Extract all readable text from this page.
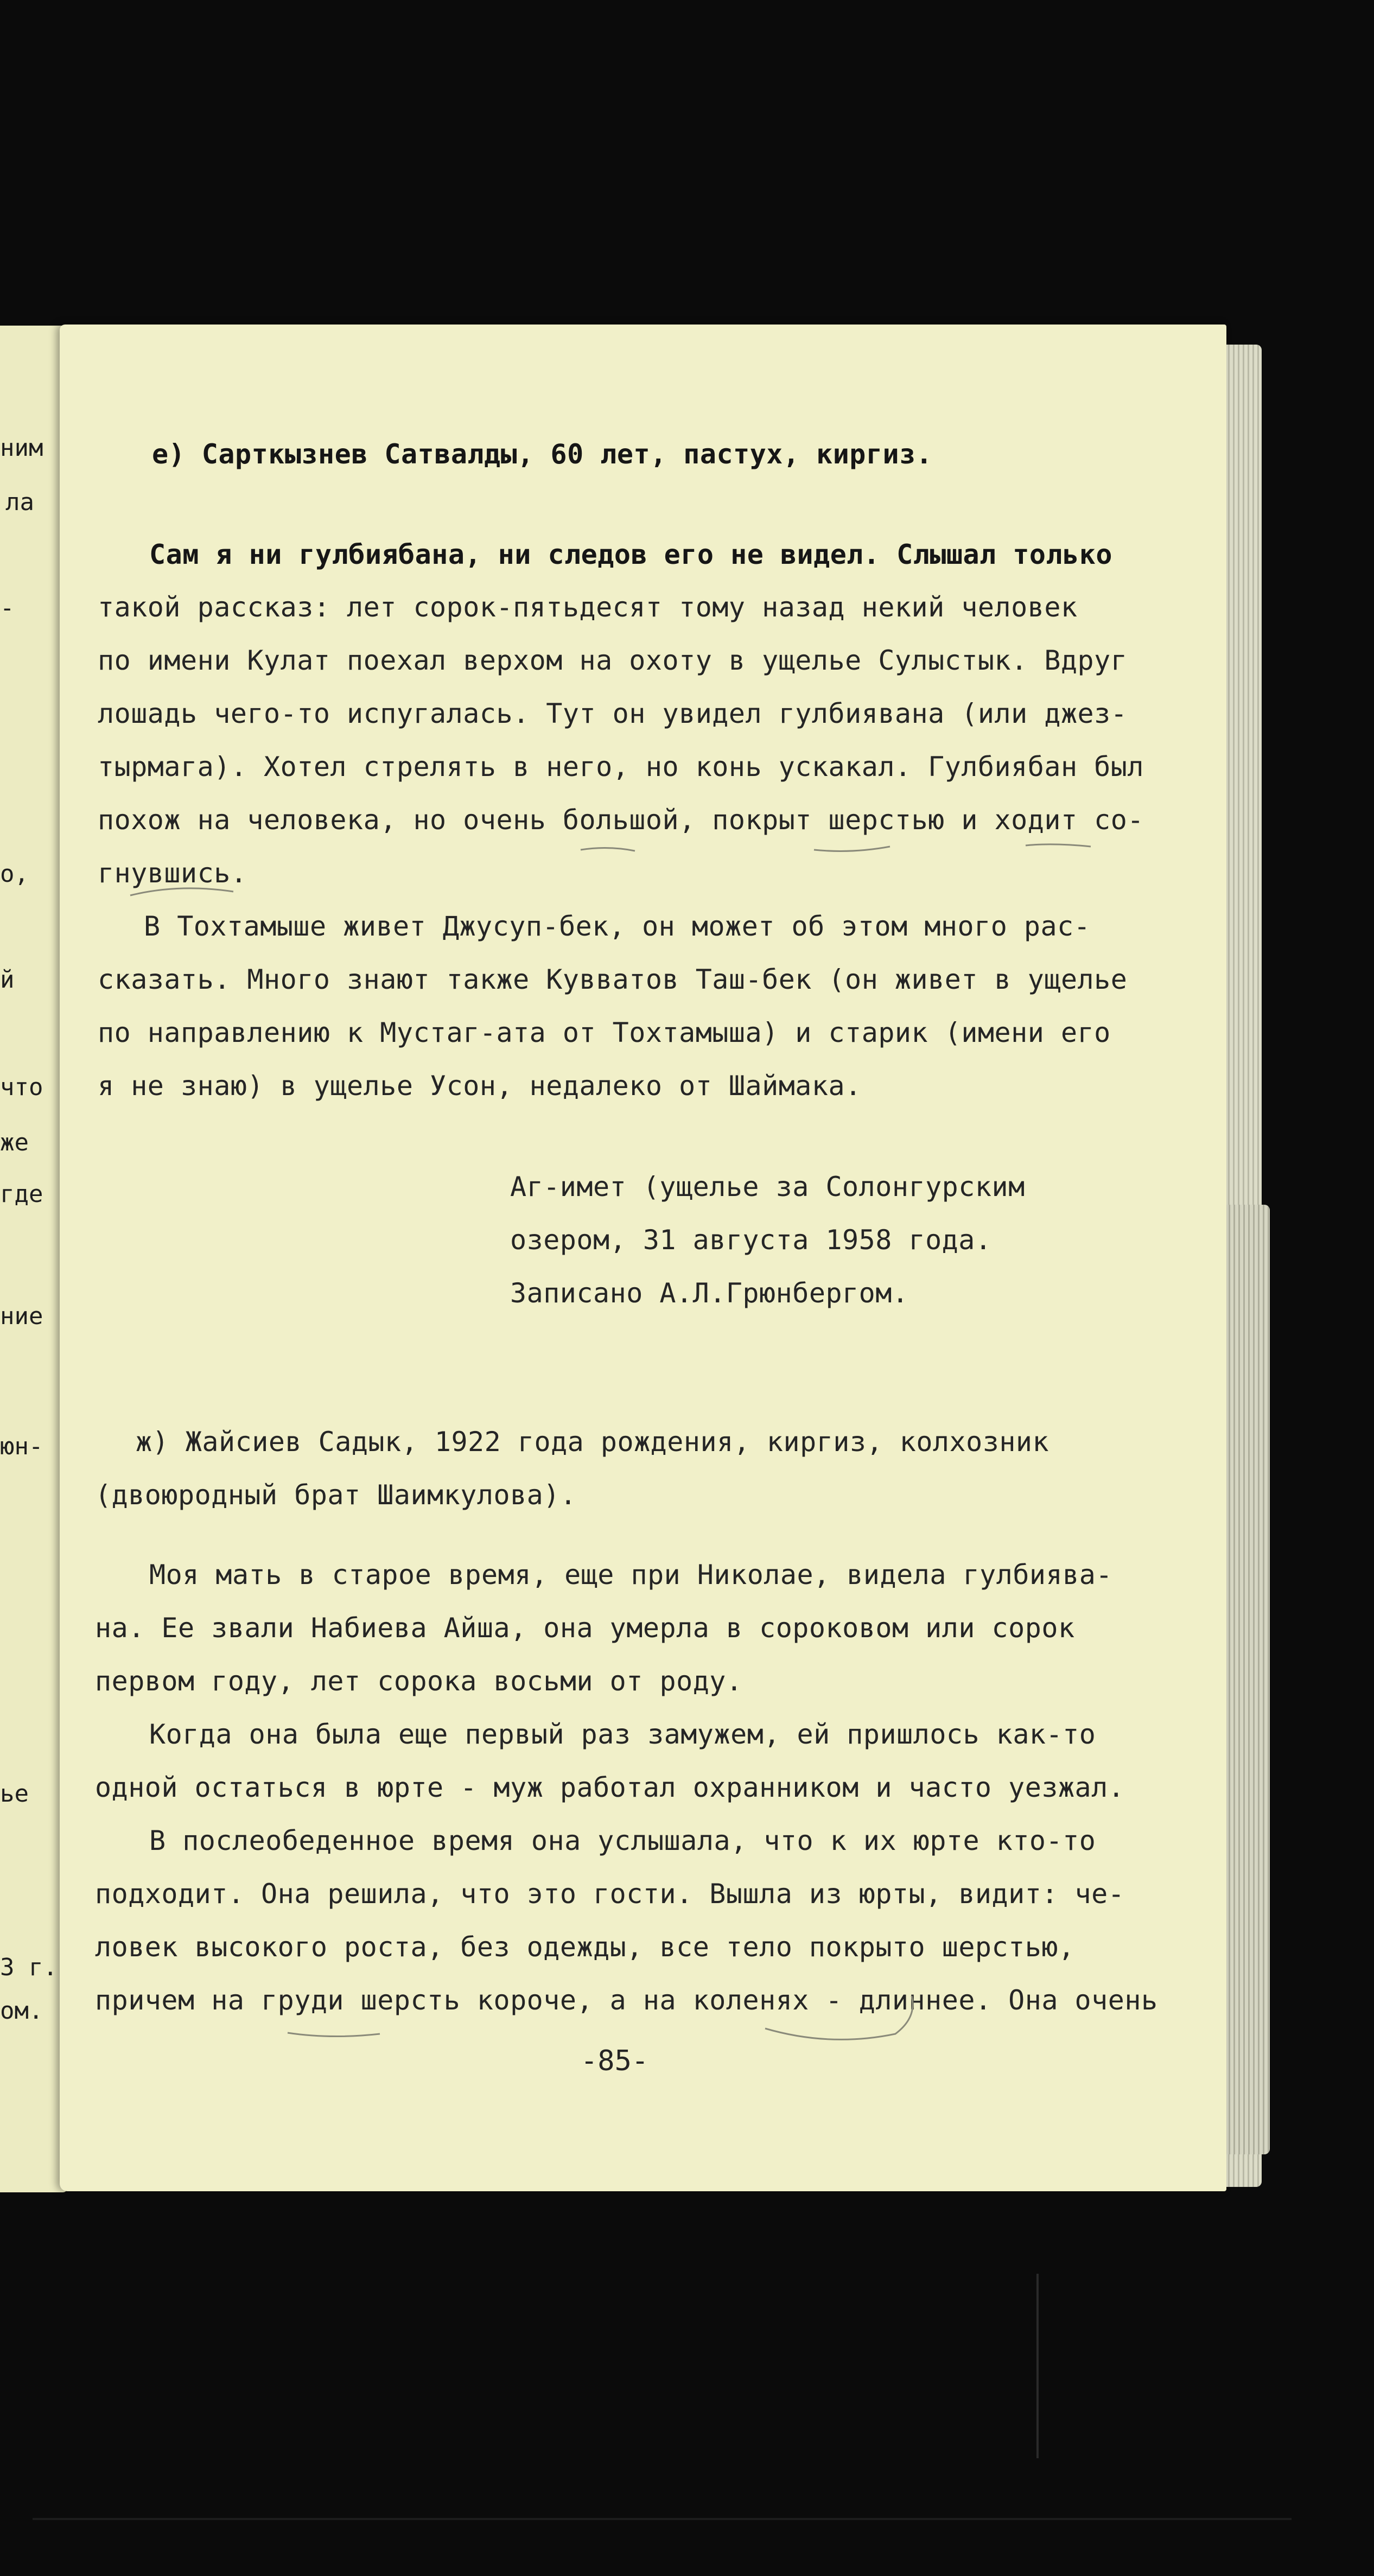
ним
ла
-
о,
й
что
же
где
ние
юн-
ье
3 г.
ом.
е) Сарткызнев Сатвалды, 60 лет, пастух, киргиз.
Сам я ни гулбиябана, ни следов его не видел. Слышал только
такой рассказ: лет сорок-пятьдесят тому назад некий человек
по имени Кулат поехал верхом на охоту в ущелье Сулыстык. Вдруг
лошадь чего-то испугалась. Тут он увидел гулбиявана (или джез-
тырмага). Хотел стрелять в него, но конь ускакал. Гулбиябан был
похож на человека, но очень большой, покрыт шерстью и ходит со-
гнувшись.
В Тохтамыше живет Джусуп-бек, он может об этом много рас-
сказать. Много знают также Кувватов Таш-бек (он живет в ущелье
по направлению к Мустаг-ата от Тохтамыша) и старик (имени его
я не знаю) в ущелье Усон, недалеко от Шаймака.
Аг-имет (ущелье за Солонгурским
озером, 31 августа 1958 года.
Записано А.Л.Грюнбергом.
ж) Жайсиев Садык, 1922 года рождения, киргиз, колхозник
(двоюродный брат Шаимкулова).
Моя мать в старое время, еще при Николае, видела гулбиява-
на. Ее звали Набиева Айша, она умерла в сороковом или сорок
первом году, лет сорока восьми от роду.
Когда она была еще первый раз замужем, ей пришлось как-то
одной остаться в юрте - муж работал охранником и часто уезжал.
В послеобеденное время она услышала, что к их юрте кто-то
подходит. Она решила, что это гости. Вышла из юрты, видит: че-
ловек высокого роста, без одежды, все тело покрыто шерстью,
причем на груди шерсть короче, а на коленях - длиннее. Она очень
-85-
